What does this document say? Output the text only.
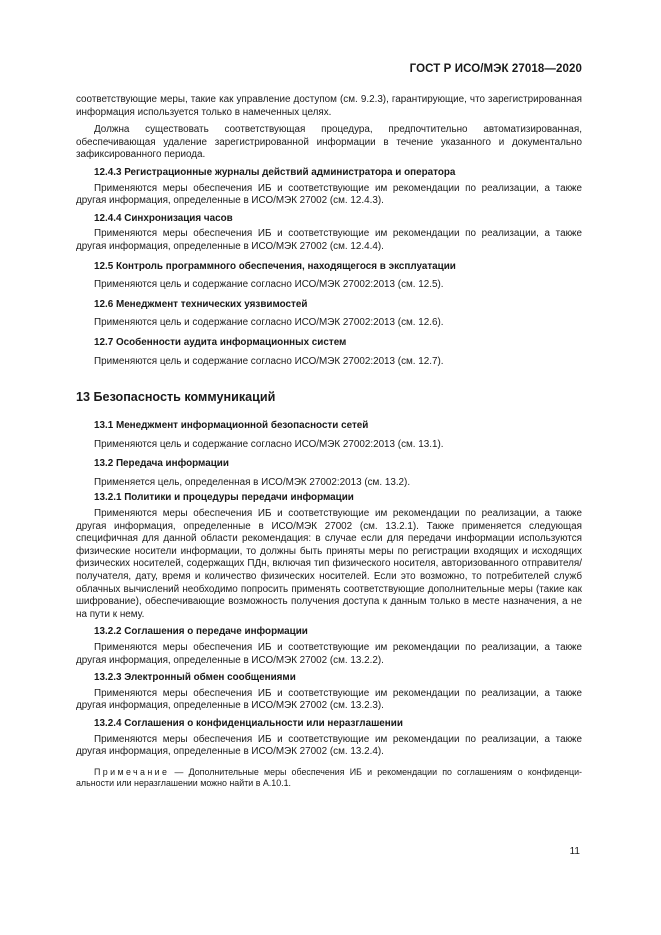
ГОСТ Р ИСО/МЭК 27018—2020

соответствующие меры, такие как управление доступом (см. 9.2.3), гарантирующие, что зарегистрированная информация используется только в намеченных целях.

Должна существовать соответствующая процедура, предпочтительно автоматизированная, обеспечивающая удаление зарегистрированной информации в течение указанного и документально зафиксированного периода.

12.4.3 Регистрационные журналы действий администратора и оператора

Применяются меры обеспечения ИБ и соответствующие им рекомендации по реализации, а также другая информация, определенные в ИСО/МЭК 27002 (см. 12.4.3).

12.4.4 Синхронизация часов

Применяются меры обеспечения ИБ и соответствующие им рекомендации по реализации, а также другая информация, определенные в ИСО/МЭК 27002 (см. 12.4.4).

12.5 Контроль программного обеспечения, находящегося в эксплуатации

Применяются цель и содержание согласно ИСО/МЭК 27002:2013 (см. 12.5).

12.6 Менеджмент технических уязвимостей

Применяются цель и содержание согласно ИСО/МЭК 27002:2013 (см. 12.6).

12.7 Особенности аудита информационных систем

Применяются цель и содержание согласно ИСО/МЭК 27002:2013 (см. 12.7).

13 Безопасность коммуникаций

13.1 Менеджмент информационной безопасности сетей

Применяются цель и содержание согласно ИСО/МЭК 27002:2013 (см. 13.1).

13.2 Передача информации

Применяется цель, определенная в ИСО/МЭК 27002:2013 (см. 13.2).

13.2.1 Политики и процедуры передачи информации

Применяются меры обеспечения ИБ и соответствующие им рекомендации по реализации, а также другая информация, определенные в ИСО/МЭК 27002 (см. 13.2.1). Также применяется следующая специфичная для данной области рекомендация: в случае если для передачи информации используются физические носители информации, то должны быть приняты меры по регистрации входящих и исходящих физических носителей, содержащих ПДн, включая тип физического носителя, авторизованного отправителя/получателя, дату, время и количество физических носителей. Если это возможно, то потребителей служб облачных вычислений необходимо попросить применять соответствующие дополнительные меры (такие как шифрование), обеспечивающие возможность получения доступа к данным только в месте назначения, а не на пути к нему.

13.2.2 Соглашения о передаче информации

Применяются меры обеспечения ИБ и соответствующие им рекомендации по реализации, а также другая информация, определенные в ИСО/МЭК 27002 (см. 13.2.2).

13.2.3 Электронный обмен сообщениями

Применяются меры обеспечения ИБ и соответствующие им рекомендации по реализации, а также другая информация, определенные в ИСО/МЭК 27002 (см. 13.2.3).

13.2.4 Соглашения о конфиденциальности или неразглашении

Применяются меры обеспечения ИБ и соответствующие им рекомендации по реализации, а также другая информация, определенные в ИСО/МЭК 27002 (см. 13.2.4).

Примечание — Дополнительные меры обеспечения ИБ и рекомендации по соглашениям о конфиденциальности или неразглашении можно найти в А.10.1.

11
